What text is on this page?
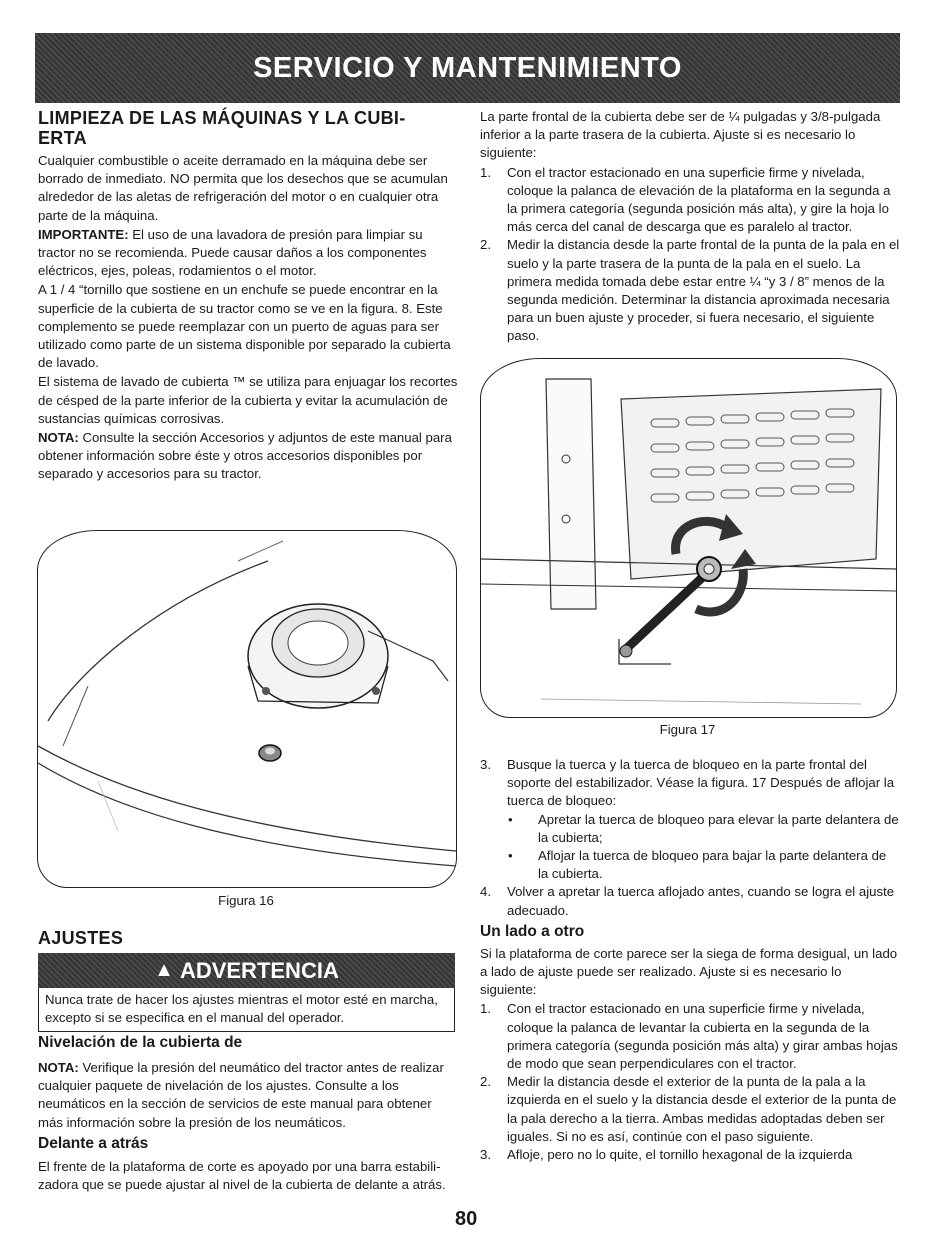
SERVICIO Y MANTENIMIENTO
LIMPIEZA DE LAS MÁQUINAS Y LA CUBI-
ERTA

Cualquier combustible o aceite derramado en la máquina debe ser borrado de inmediato. NO permita que los desechos que se acumulan alrededor de las aletas de refrigeración del motor o en cualquier otra parte de la máquina.

IMPORTANTE: El uso de una lavadora de presión para limpiar su tractor no se recomienda. Puede causar daños a los componentes eléctricos, ejes, poleas, rodamientos o el motor.

A 1 / 4 “tornillo que sostiene en un enchufe se puede encontrar en la superficie de la cubierta de su tractor como se ve en la figura. 8. Este complemento se puede reemplazar con un puerto de aguas para ser utilizado como parte de un sistema disponible por separado la cubierta de lavado.

El sistema de lavado de cubierta ™ se utiliza para enjuagar los recortes de césped de la parte inferior de la cubierta y evitar la acumulación de sustancias químicas corrosivas.

NOTA: Consulte la sección Accesorios y adjuntos de este manual para obtener información sobre éste y otros accesorios disponibles por separado y accesorios para su tractor.

Figura 16
AJUSTES
▲ ADVERTENCIA
Nunca trate de hacer los ajustes mientras el motor esté en marcha, excepto si se especifica en el manual del operador.
Nivelación de la cubierta de

NOTA: Verifique la presión del neumático del tractor antes de realizar cualquier paquete de nivelación de los ajustes. Consulte a los neumáticos en la sección de servicios de este manual para obtener más información sobre la presión de los neumáticos.

Delante a atrás

El frente de la plataforma de corte es apoyado por una barra estabili- zadora que se puede ajustar al nivel de la cubierta de delante a atrás.

La parte frontal de la cubierta debe ser de ¼ pulgadas y 3/8-pulgada inferior a la parte trasera de la cubierta. Ajuste si es necesario lo siguiente:

1. Con el tractor estacionado en una superficie firme y nivelada, coloque la palanca de elevación de la plataforma en la segunda a la primera categoría (segunda posición más alta), y gire la hoja lo más cerca del canal de descarga que es paralelo al tractor.
2. Medir la distancia desde la parte frontal de la punta de la pala en el suelo y la parte trasera de la punta de la pala en el suelo. La primera medida tomada debe estar entre ¼ “y 3 / 8” menos de la segunda medición. Determinar la distancia aproximada necesaria para un buen ajuste y proceder, si fuera necesario, el siguiente paso.
Figura 17
3. Busque la tuerca y la tuerca de bloqueo en la parte frontal del soporte del estabilizador. Véase la figura. 17 Después de aflojar la tuerca de bloqueo:
• Apretar la tuerca de bloqueo para elevar la parte delantera de la cubierta;
• Aflojar la tuerca de bloqueo para bajar la parte delantera de la cubierta.
4. Volver a apretar la tuerca aflojado antes, cuando se logra el ajuste adecuado.
Un lado a otro

Si la plataforma de corte parece ser la siega de forma desigual, un lado a lado de ajuste puede ser realizado. Ajuste si es necesario lo siguiente:

1. Con el tractor estacionado en una superficie firme y nivelada, coloque la palanca de levantar la cubierta en la segunda de la primera categoría (segunda posición más alta) y girar ambas hojas de modo que sean perpendiculares con el tractor.
2. Medir la distancia desde el exterior de la punta de la pala a la izquierda en el suelo y la distancia desde el exterior de la punta de la pala derecho a la tierra. Ambas medidas adoptadas deben ser iguales. Si no es así, continúe con el paso siguiente.
3. Afloje, pero no lo quite, el tornillo hexagonal de la izquierda
80
